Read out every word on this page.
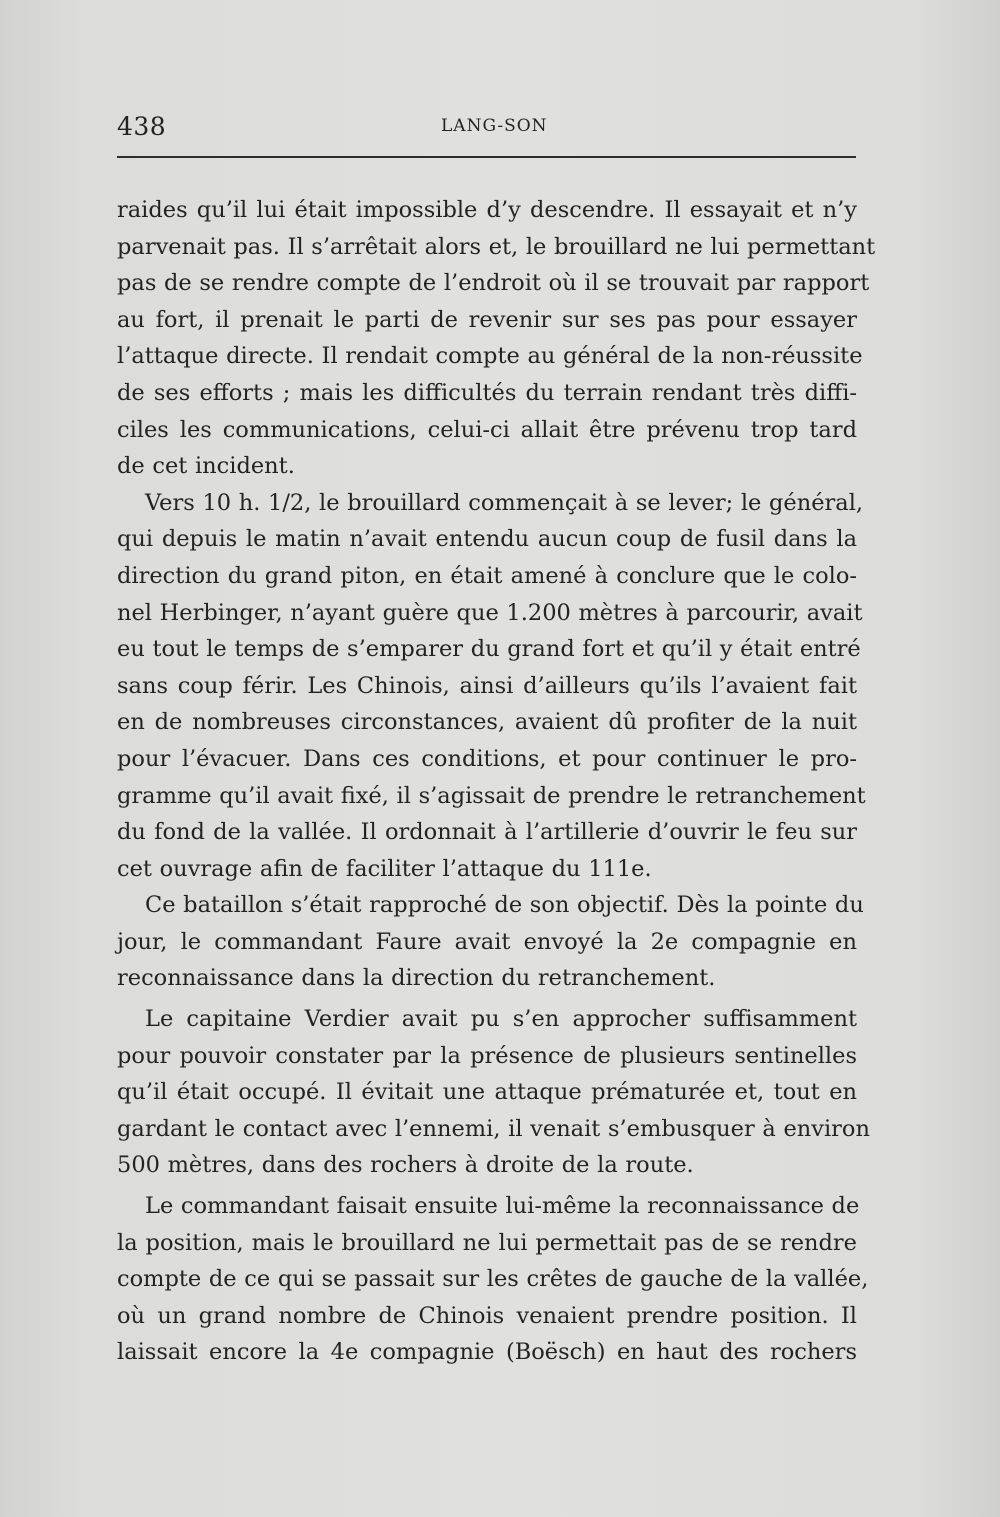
438	LANG-SON
raides qu’il lui était impossible d’y descendre. Il essayait et n’y
parvenait pas. Il s’arrêtait alors et, le brouillard ne lui permettant
pas de se rendre compte de l’endroit où il se trouvait par rapport
au fort, il prenait le parti de revenir sur ses pas pour essayer
l’attaque directe. Il rendait compte au général de la non-réussite
de ses efforts ; mais les difficultés du terrain rendant très diffi-
ciles les communications, celui-ci allait être prévenu trop tard
de cet incident.
Vers 10 h. 1/2, le brouillard commençait à se lever; le général,
qui depuis le matin n’avait entendu aucun coup de fusil dans la
direction du grand piton, en était amené à conclure que le colo-
nel Herbinger, n’ayant guère que 1.200 mètres à parcourir, avait
eu tout le temps de s’emparer du grand fort et qu’il y était entré
sans coup férir. Les Chinois, ainsi d’ailleurs qu’ils l’avaient fait
en de nombreuses circonstances, avaient dû profiter de la nuit
pour l’évacuer. Dans ces conditions, et pour continuer le pro-
gramme qu’il avait fixé, il s’agissait de prendre le retranchement
du fond de la vallée. Il ordonnait à l’artillerie d’ouvrir le feu sur
cet ouvrage afin de faciliter l’attaque du 111e.
Ce bataillon s’était rapproché de son objectif. Dès la pointe du
jour, le commandant Faure avait envoyé la 2e compagnie en
reconnaissance dans la direction du retranchement.
Le capitaine Verdier avait pu s’en approcher suffisamment
pour pouvoir constater par la présence de plusieurs sentinelles
qu’il était occupé. Il évitait une attaque prématurée et, tout en
gardant le contact avec l’ennemi, il venait s’embusquer à environ
500 mètres, dans des rochers à droite de la route.
Le commandant faisait ensuite lui-même la reconnaissance de
la position, mais le brouillard ne lui permettait pas de se rendre
compte de ce qui se passait sur les crêtes de gauche de la vallée,
où un grand nombre de Chinois venaient prendre position. Il
laissait encore la 4e compagnie (Boësch) en haut des rochers
